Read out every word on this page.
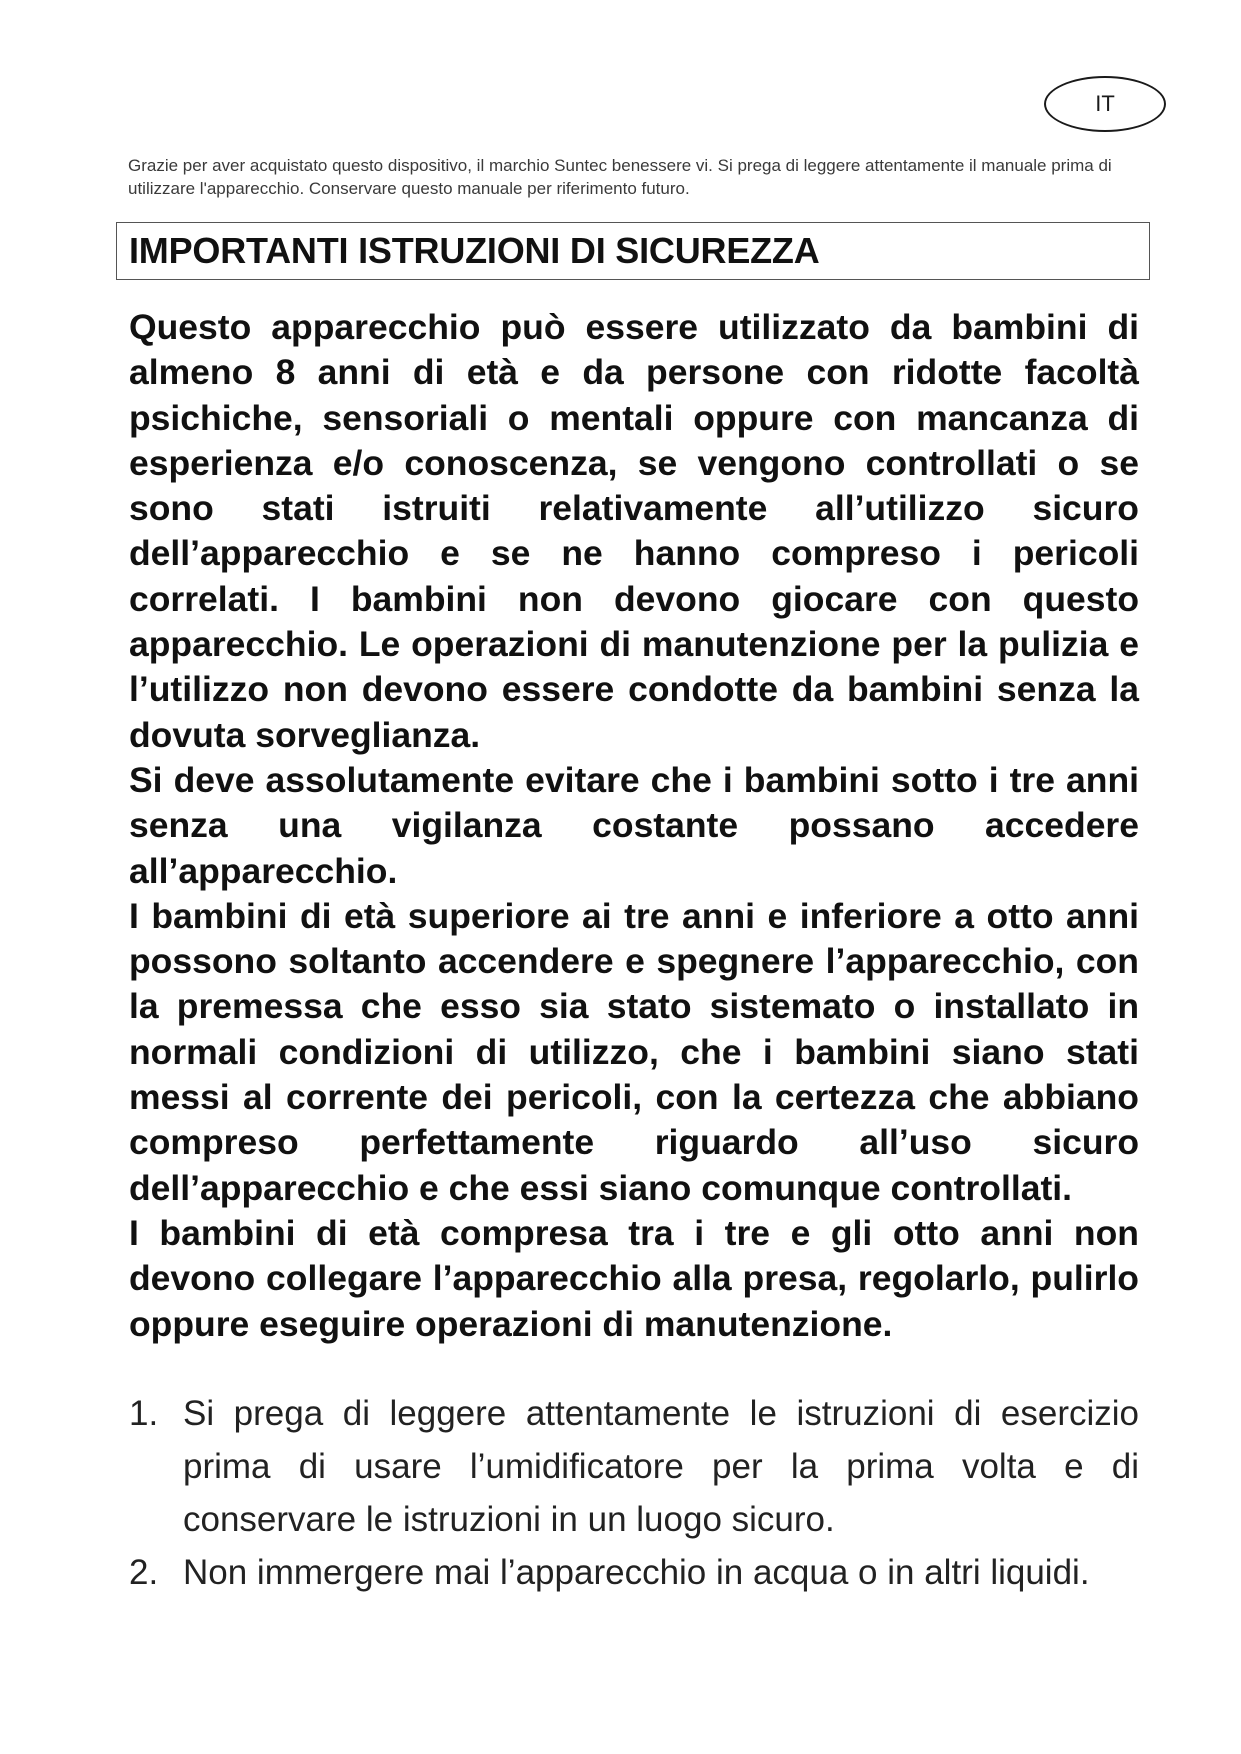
IT

Grazie per aver acquistato questo dispositivo, il marchio Suntec benessere vi. Si prega di leggere attentamente il manuale prima di utilizzare l'apparecchio. Conservare questo manuale per riferimento futuro.

IMPORTANTI ISTRUZIONI DI SICUREZZA

Questo apparecchio può essere utilizzato da bambini di almeno 8 anni di età e da persone con ridotte facoltà psichiche, sensoriali o mentali oppure con mancanza di esperienza e/o conoscenza, se vengono controllati o se sono stati istruiti relativamente all’utilizzo sicuro dell’apparecchio e se ne hanno compreso i pericoli correlati. I bambini non devono giocare con questo apparecchio. Le operazioni di manutenzione per la pulizia e l’utilizzo non devono essere condotte da bambini senza la dovuta sorveglianza.

Si deve assolutamente evitare che i bambini sotto i tre anni senza una vigilanza costante possano accedere all’apparecchio.

I bambini di età superiore ai tre anni e inferiore a otto anni possono soltanto accendere e spegnere l’apparecchio, con la premessa che esso sia stato sistemato o installato in normali condizioni di utilizzo, che i bambini siano stati messi al corrente dei pericoli, con la certezza che abbiano compreso perfettamente riguardo all’uso sicuro dell’apparecchio e che essi siano comunque controllati.

I bambini di età compresa tra i tre e gli otto anni non devono collegare l’apparecchio alla presa, regolarlo, pulirlo oppure eseguire operazioni di manutenzione.

1. Si prega di leggere attentamente le istruzioni di esercizio prima di usare l’umidificatore per la prima volta e di conservare le istruzioni in un luogo sicuro.
2. Non immergere mai l’apparecchio in acqua o in altri liquidi.
